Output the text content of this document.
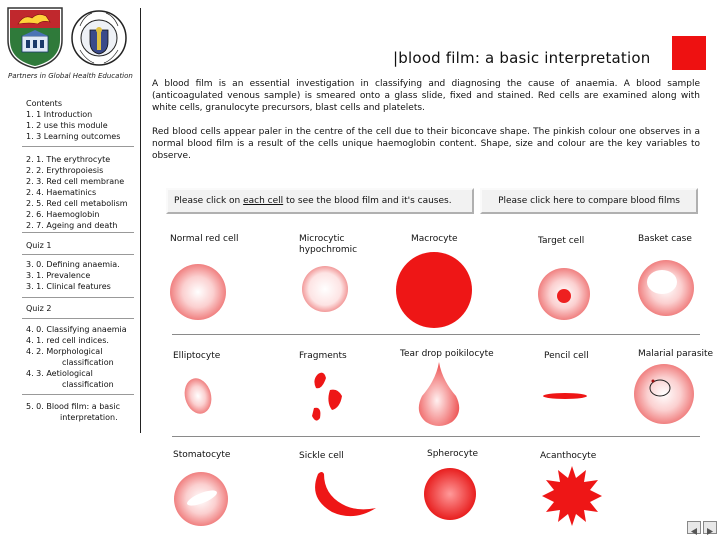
Partners in Global Health Education
Contents
1. 1 Introduction
1. 2 use this module
1. 3 Learning outcomes
2. 1. The erythrocyte
2. 2. Erythropoiesis
2. 3. Red cell membrane
2. 4. Haematinics
2. 5. Red cell metabolism
2. 6. Haemoglobin
2. 7. Ageing and death
Quiz 1
3. 0. Defining anaemia.
3. 1. Prevalence
3. 1. Clinical features
Quiz 2
4. 0. Classifying anaemia
4. 1. red cell indices.
4. 2. Morphological
classification
4. 3. Aetiological
classification
5. 0. Blood film: a basic
interpretation.
|blood film: a basic interpretation
A blood film is an essential investigation in classifying and diagnosing the cause of anaemia. A blood sample (anticoagulated venous sample) is smeared onto a glass slide, fixed and stained. Red cells are examined along with white cells, granulocyte precursors, blast cells and platelets.
Red blood cells appear paler in the centre of the cell due to their biconcave shape. The pinkish colour one observes in a normal blood film is a result of the cells unique haemoglobin content. Shape, size and colour are the key variables to observe.
Please click on each cell to see the blood film and it's causes.	Please click here to compare blood films
Normal red cell	Microcytic hypochromic
Macrocyte	Target cell	Basket case
Elliptocyte	Fragments	Tear drop poikilocyte	Pencil cell	Malarial parasite
Stomatocyte	Sickle cell	Spherocyte	Acanthocyte
